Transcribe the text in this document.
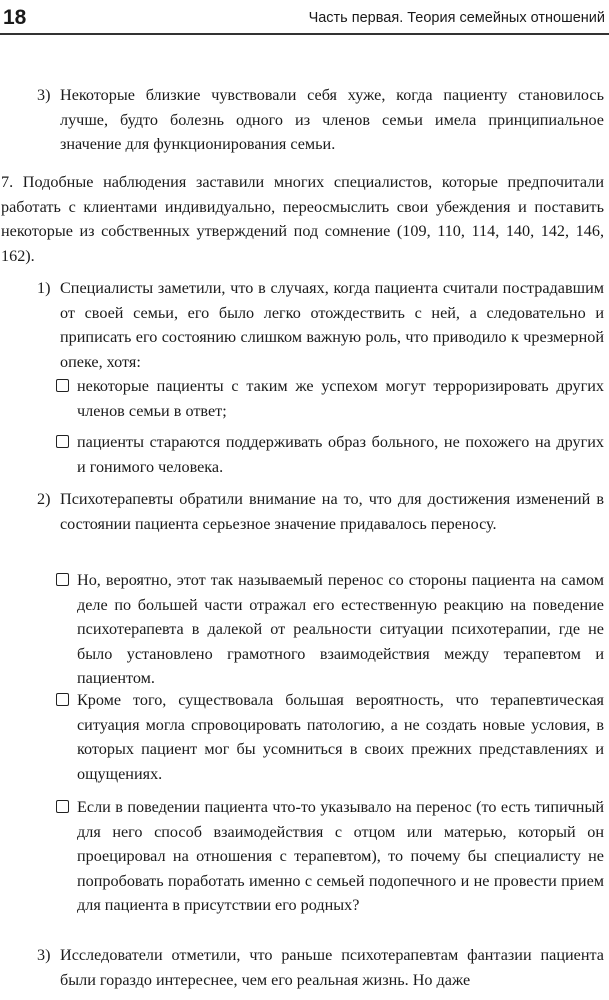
18	Часть первая. Теория семейных отношений
3) Некоторые близкие чувствовали себя хуже, когда пациенту становилось лучше, будто болезнь одного из членов семьи имела принципиальное значение для функционирования семьи.
7. Подобные наблюдения заставили многих специалистов, которые предпочитали работать с клиентами индивидуально, переосмыслить свои убеждения и поставить некоторые из собственных утверждений под сомнение (109, 110, 114, 140, 142, 146, 162).
1) Специалисты заметили, что в случаях, когда пациента считали пострадавшим от своей семьи, его было легко отождествить с ней, а следовательно и приписать его состоянию слишком важную роль, что приводило к чрезмерной опеке, хотя:
некоторые пациенты с таким же успехом могут терроризировать других членов семьи в ответ;
пациенты стараются поддерживать образ больного, не похожего на других и гонимого человека.
2) Психотерапевты обратили внимание на то, что для достижения изменений в состоянии пациента серьезное значение придавалось переносу.
Но, вероятно, этот так называемый перенос со стороны пациента на самом деле по большей части отражал его естественную реакцию на поведение психотерапевта в далекой от реальности ситуации психотерапии, где не было установлено грамотного взаимодействия между терапевтом и пациентом.
Кроме того, существовала большая вероятность, что терапевтическая ситуация могла спровоцировать патологию, а не создать новые условия, в которых пациент мог бы усомниться в своих прежних представлениях и ощущениях.
Если в поведении пациента что-то указывало на перенос (то есть типичный для него способ взаимодействия с отцом или матерью, который он проецировал на отношения с терапевтом), то почему бы специалисту не попробовать поработать именно с семьей подопечного и не провести прием для пациента в присутствии его родных?
3) Исследователи отметили, что раньше психотерапевтам фантазии пациента были гораздо интереснее, чем его реальная жизнь. Но даже
